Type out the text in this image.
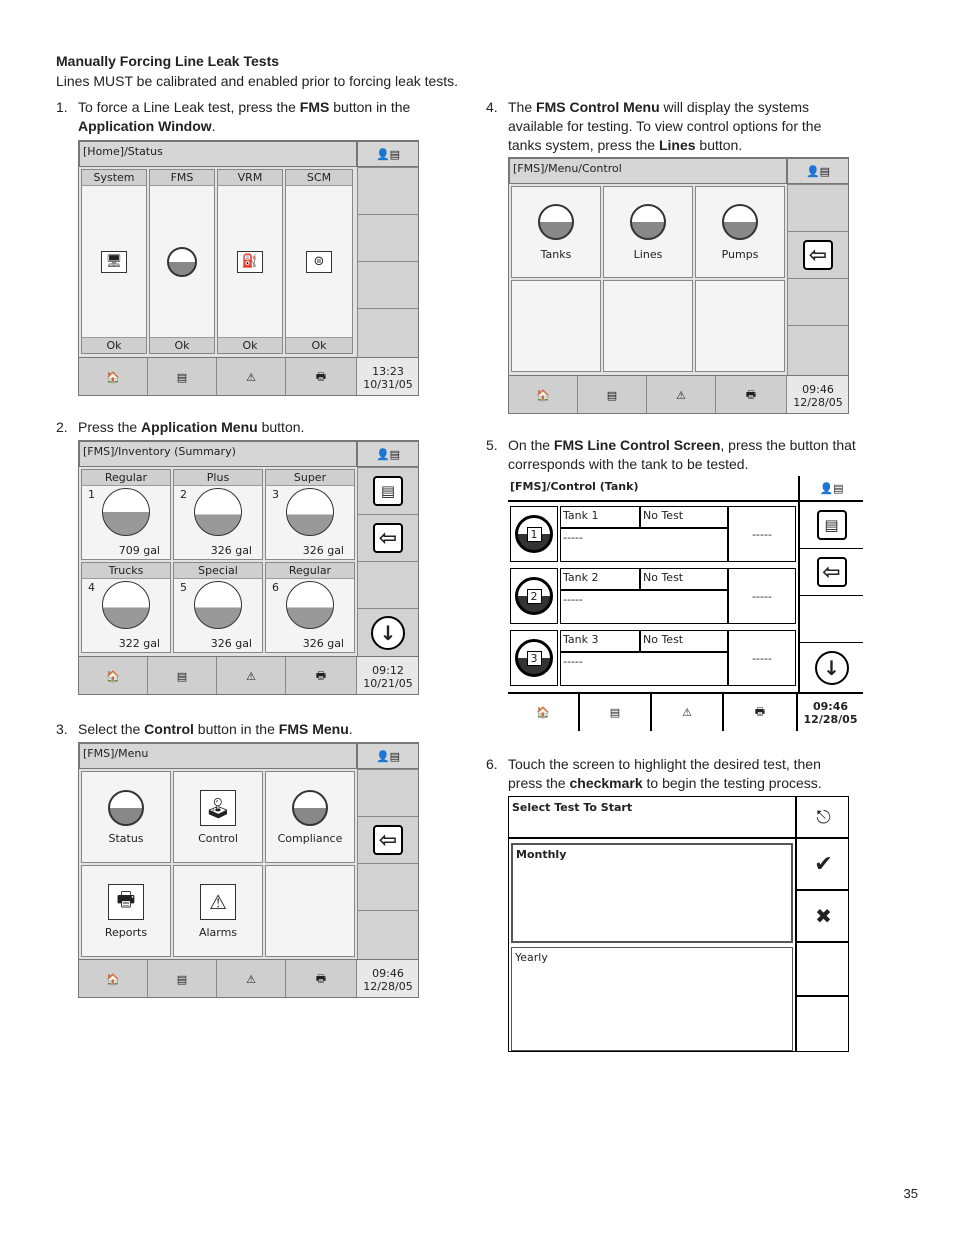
Manually Forcing Line Leak Tests
Lines MUST be calibrated and enabled prior to forcing leak tests.
1. To force a Line Leak test, press the FMS button in the
Application Window.
[Home]/Status	👤▤
System
🖥
Ok
FMS
Ok
VRM
⛽
Ok
SCM
⊜
Ok
🏠	▤	⚠	🖶	13:23
10/31/05
2. Press the Application Menu button.
[FMS]/Inventory (Summary)	👤▤
Regular
1
709 gal
Plus
2
326 gal
Super
3
326 gal
Trucks
4
322 gal
Special
5
326 gal
Regular
6
326 gal
▤
⇦
↓
🏠	▤	⚠	🖶	09:12
10/21/05
3. Select the Control button in the FMS Menu.
[FMS]/Menu	👤▤
Status
🕹
Control	Compliance
🖶
Reports
⚠
Alarms
⇦
🏠	▤	⚠	🖶	09:46
12/28/05
4. The FMS Control Menu will display the systems
available for testing. To view control options for the
tanks system, press the Lines button.
[FMS]/Menu/Control	👤▤
Tanks	Lines	Pumps ⇦
🏠	▤	⚠	🖶	09:46
12/28/05
5. On the FMS Line Control Screen, press the button that
corresponds with the tank to be tested.
[FMS]/Control (Tank)	👤▤
1
Tank 1	No Test
-----	-----
2
Tank 2	No Test
-----	-----
3
Tank 3	No Test
-----	-----
▤
⇦
↓
🏠	▤	⚠	🖶	09:46
12/28/05
6. Touch the screen to highlight the desired test, then
press the checkmark to begin the testing process.
Select Test To Start
Monthly
Yearly
⎋
✔
✖
35
